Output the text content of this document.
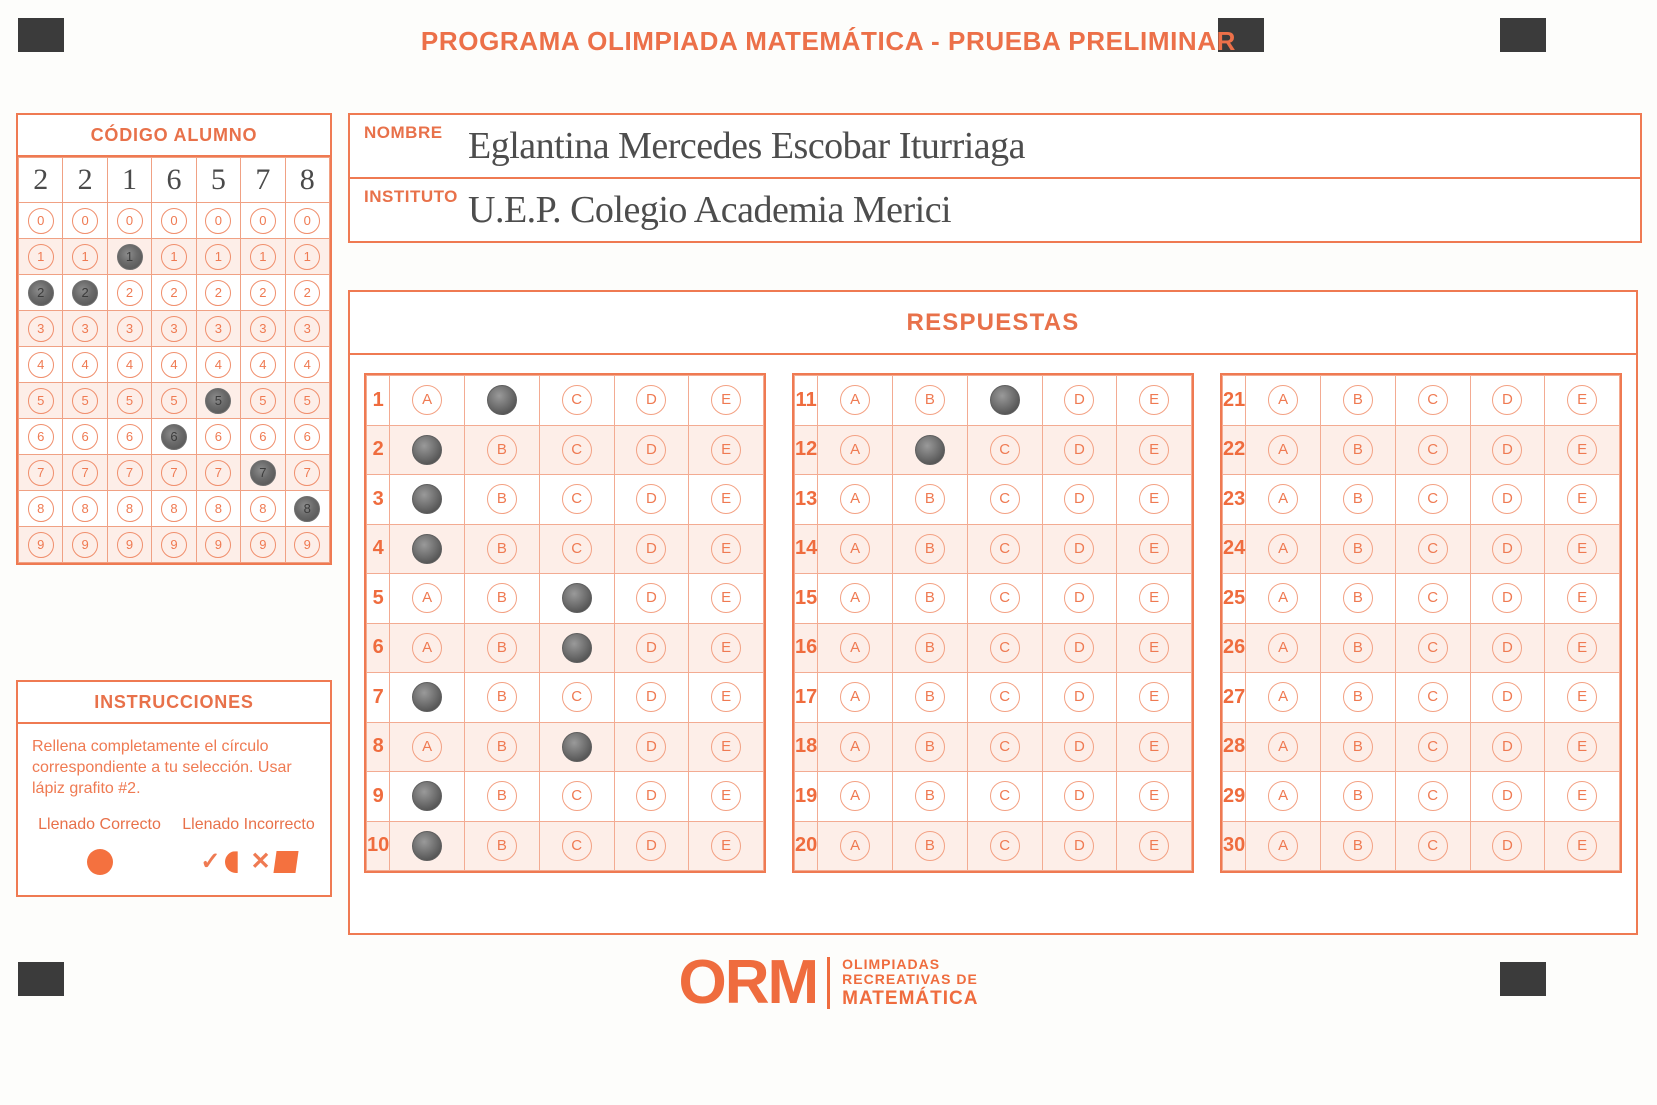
PROGRAMA OLIMPIADA MATEMÁTICA - PRUEBA PRELIMINAR
CÓDIGO ALUMNO
2	2	1	6	5	7	8
0	0	0	0	0	0	0
1	1	1	1	1	1	1
2	2	2	2	2	2	2
3	3	3	3	3	3	3
4	4	4	4	4	4	4
5	5	5	5	5	5	5
6	6	6	6	6	6	6
7	7	7	7	7	7	7
8	8	8	8	8	8	8
9	9	9	9	9	9	9
INSTRUCCIONES
Rellena completamente el círculo correspondiente a tu selección. Usar lápiz grafito #2.
Llenado Correcto	Llenado Incorrecto
✓ ✕
NOMBRE Eglantina Mercedes Escobar Iturriaga
INSTITUTO U.E.P. Colegio Academia Merici
RESPUESTAS
1	A		C	D	E
2		B	C	D	E
3		B	C	D	E
4		B	C	D	E
5	A	B		D	E
6	A	B		D	E
7		B	C	D	E
8	A	B		D	E
9		B	C	D	E
10		B	C	D	E
11	A	B		D	E
12	A		C	D	E
13	A	B	C	D	E
14	A	B	C	D	E
15	A	B	C	D	E
16	A	B	C	D	E
17	A	B	C	D	E
18	A	B	C	D	E
19	A	B	C	D	E
20	A	B	C	D	E
21	A	B	C	D	E
22	A	B	C	D	E
23	A	B	C	D	E
24	A	B	C	D	E
25	A	B	C	D	E
26	A	B	C	D	E
27	A	B	C	D	E
28	A	B	C	D	E
29	A	B	C	D	E
30	A	B	C	D	E
ORM OLIMPIADAS
RECREATIVAS DE
MATEMÁTICA
